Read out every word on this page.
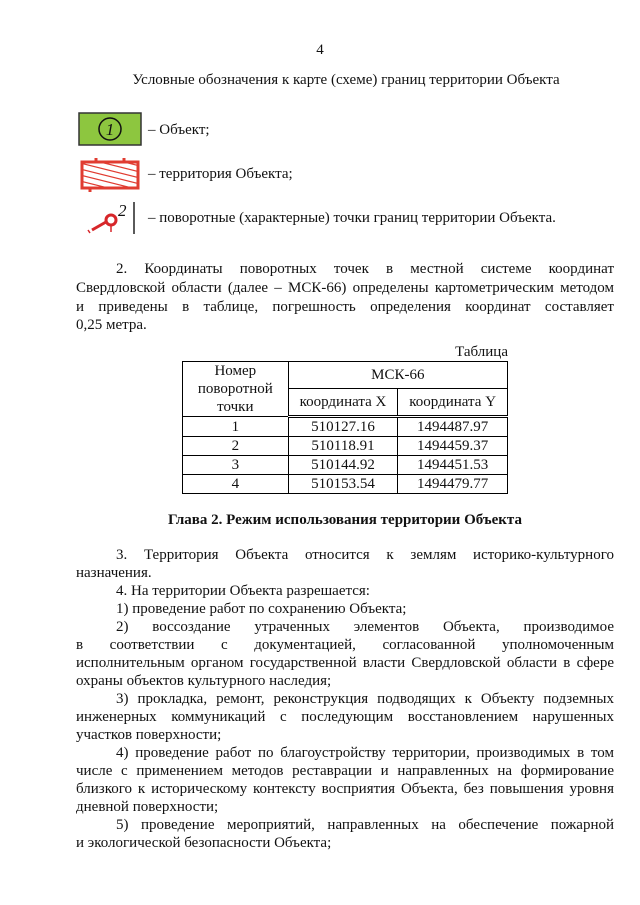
4
Условные обозначения к карте (схеме) границ территории Объекта
1 – Объект;
– территория Объекта;
2 – поворотные (характерные) точки границ территории Объекта.
2. Координаты поворотных точек в местной системе координат
Свердловской области (далее – МСК-66) определены картометрическим методом
и приведены в таблице, погрешность определения координат составляет
0,25 метра.
Таблица
Номер поворотной точки	МСК-66	
	координата X	координата Y
1	510127.16	1494487.97
2	510118.91	1494459.37
3	510144.92	1494451.53
4	510153.54	1494479.77
Глава 2. Режим использования территории Объекта
3. Территория Объекта относится к землям историко-культурного
назначения.
4. На территории Объекта разрешается:
1) проведение работ по сохранению Объекта;
2) воссоздание утраченных элементов Объекта, производимое
в соответствии с документацией, согласованной уполномоченным
исполнительным органом государственной власти Свердловской области в сфере
охраны объектов культурного наследия;
3) прокладка, ремонт, реконструкция подводящих к Объекту подземных
инженерных коммуникаций с последующим восстановлением нарушенных
участков поверхности;
4) проведение работ по благоустройству территории, производимых в том
числе с применением методов реставрации и направленных на формирование
близкого к историческому контексту восприятия Объекта, без повышения уровня
дневной поверхности;
5) проведение мероприятий, направленных на обеспечение пожарной
и экологической безопасности Объекта;
